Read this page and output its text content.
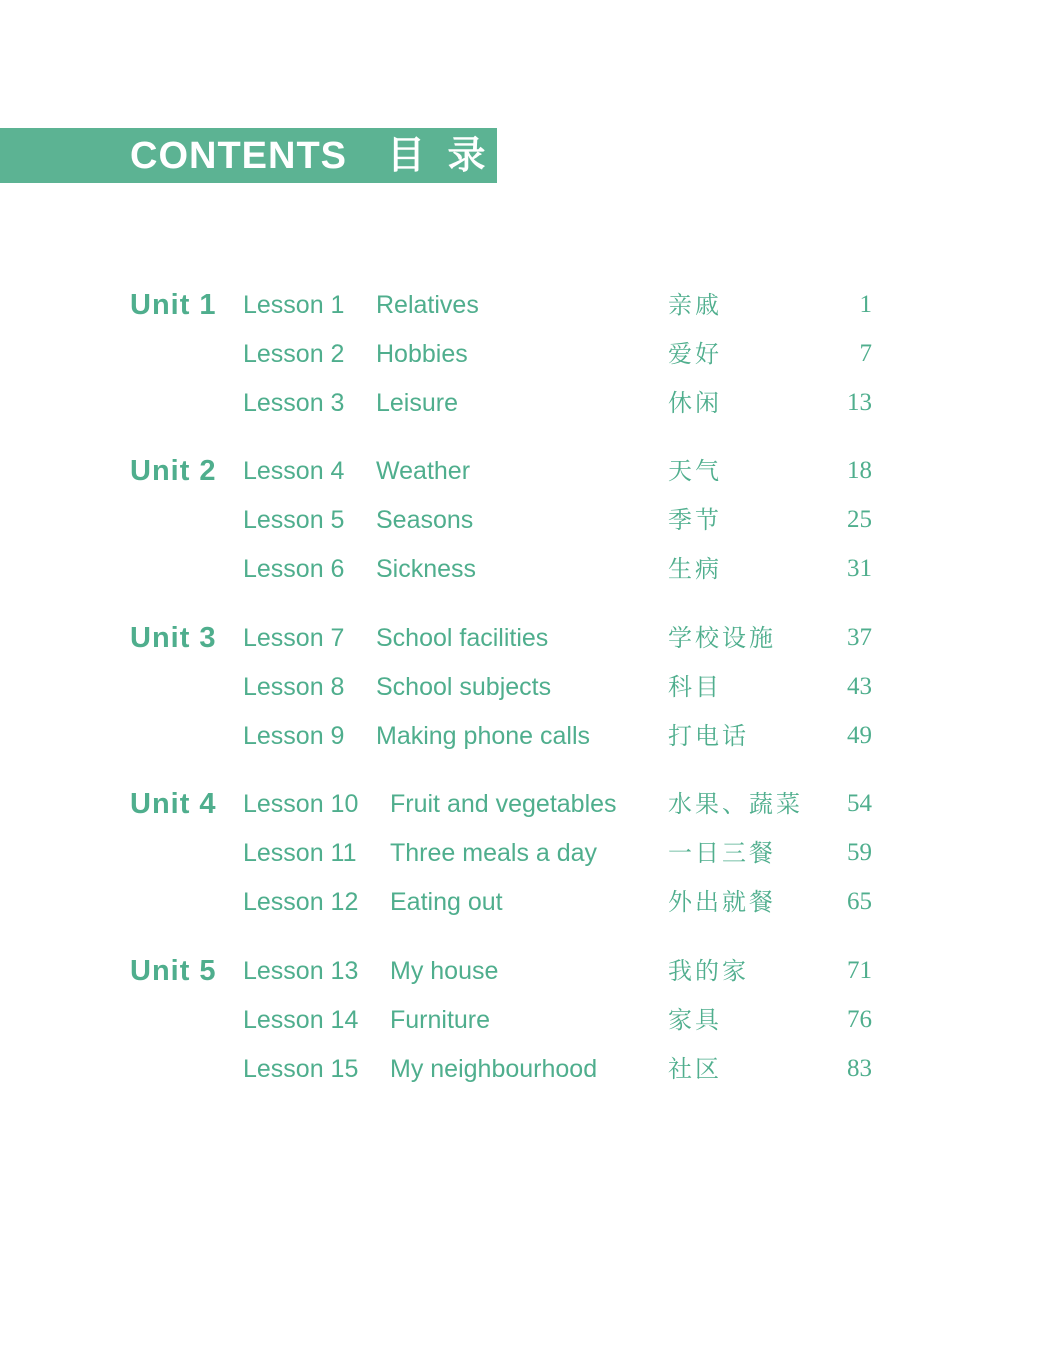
CONTENTS 目 录
Unit 1 Lesson 1 Relatives	亲戚	1
Lesson 2 Hobbies	爱好	7
Lesson 3 Leisure	休闲	13
Unit 2 Lesson 4 Weather	天气	18
Lesson 5 Seasons	季节	25
Lesson 6 Sickness	生病	31
Unit 3 Lesson 7 School facilities	学校设施	37
Lesson 8 School subjects	科目	43
Lesson 9 Making phone calls	打电话	49
Unit 4 Lesson 10 Fruit and vegetables 水果、蔬菜	54
Lesson 11 Three meals a day	一日三餐	59
Lesson 12 Eating out	外出就餐	65
Unit 5 Lesson 13 My house	我的家	71
Lesson 14 Furniture	家具	76
Lesson 15 My neighbourhood	社区	83
